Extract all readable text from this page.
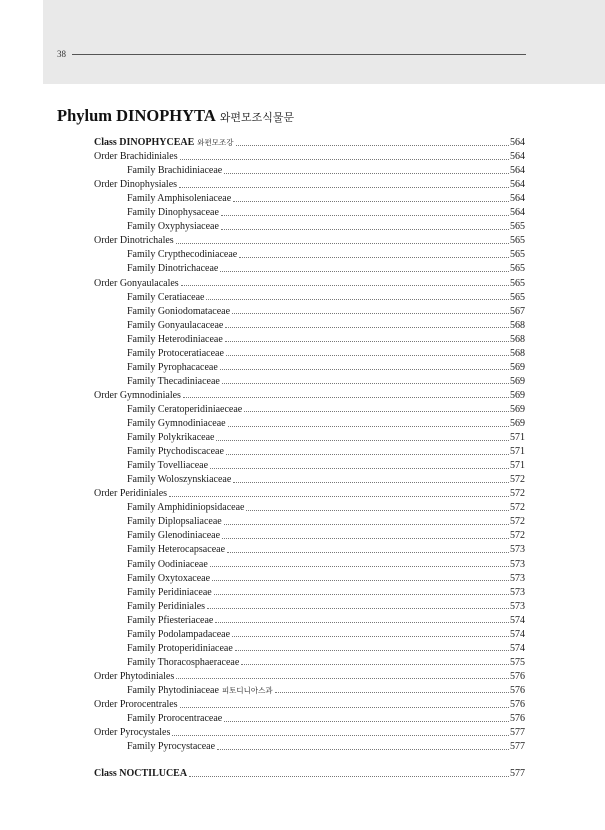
38
Phylum DINOPHYTA 와편모조식물문
Class DINOPHYCEAE 와편모조강	564
Order Brachidiniales	564
Family Brachidiniaceae	564
Order Dinophysiales	564
Family Amphisoleniaceae	564
Family Dinophysaceae	564
Family Oxyphysiaceae	565
Order Dinotrichales	565
Family Crypthecodiniaceae	565
Family Dinotrichaceae	565
Order Gonyaulacales	565
Family Ceratiaceae	565
Family Goniodomataceae	567
Family Gonyaulacaceae	568
Family Heterodiniaceae	568
Family Protoceratiaceae	568
Family Pyrophacaceae	569
Family Thecadiniaceae	569
Order Gymnodiniales	569
Family Ceratoperidiniaeceae	569
Family Gymnodiniaceae	569
Family Polykrikaceae	571
Family Ptychodiscaceae	571
Family Tovelliaceae	571
Family Woloszynskiaceae	572
Order Peridiniales	572
Family Amphidiniopsidaceae	572
Family Diplopsaliaceae	572
Family Glenodiniaceae	572
Family Heterocapsaceae	573
Family Oodiniaceae	573
Family Oxytoxaceae	573
Family Peridiniaceae	573
Family Peridiniales	573
Family Pfiesteriaceae	574
Family Podolampadaceae	574
Family Protoperidiniaceae	574
Family Thoracosphaeraceae	575
Order Phytodiniales	576
Family Phytodiniaceae 피토디니아스과	576
Order Prorocentrales	576
Family Prorocentraceae	576
Order Pyrocystales	577
Family Pyrocystaceae	577
Class NOCTILUCEA	577
